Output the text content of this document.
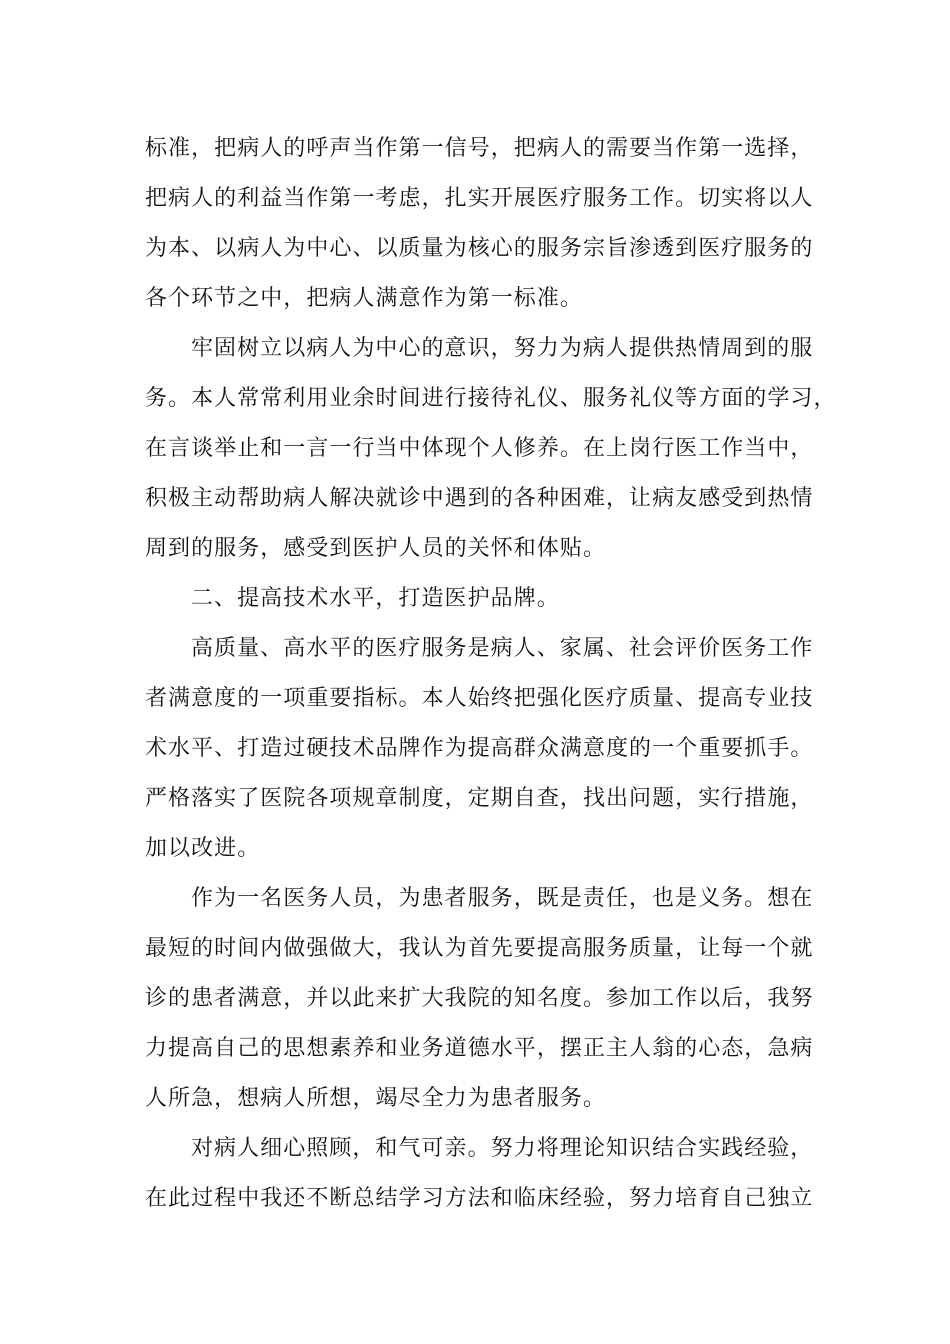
标准，把病人的呼声当作第一信号，把病人的需要当作第一选择，
把病人的利益当作第一考虑，扎实开展医疗服务工作。切实将以人
为本、以病人为中心、以质量为核心的服务宗旨渗透到医疗服务的
各个环节之中，把病人满意作为第一标准。
牢固树立以病人为中心的意识，努力为病人提供热情周到的服
务。本人常常利用业余时间进行接待礼仪、服务礼仪等方面的学习，
在言谈举止和一言一行当中体现个人修养。在上岗行医工作当中，
积极主动帮助病人解决就诊中遇到的各种困难，让病友感受到热情
周到的服务，感受到医护人员的关怀和体贴。
二、提高技术水平，打造医护品牌。
高质量、高水平的医疗服务是病人、家属、社会评价医务工作
者满意度的一项重要指标。本人始终把强化医疗质量、提高专业技
术水平、打造过硬技术品牌作为提高群众满意度的一个重要抓手。
严格落实了医院各项规章制度，定期自查，找出问题，实行措施，
加以改进。
作为一名医务人员，为患者服务，既是责任，也是义务。想在
最短的时间内做强做大，我认为首先要提高服务质量，让每一个就
诊的患者满意，并以此来扩大我院的知名度。参加工作以后，我努
力提高自己的思想素养和业务道德水平，摆正主人翁的心态，急病
人所急，想病人所想，竭尽全力为患者服务。
对病人细心照顾，和气可亲。努力将理论知识结合实践经验，
在此过程中我还不断总结学习方法和临床经验，努力培育自己独立
